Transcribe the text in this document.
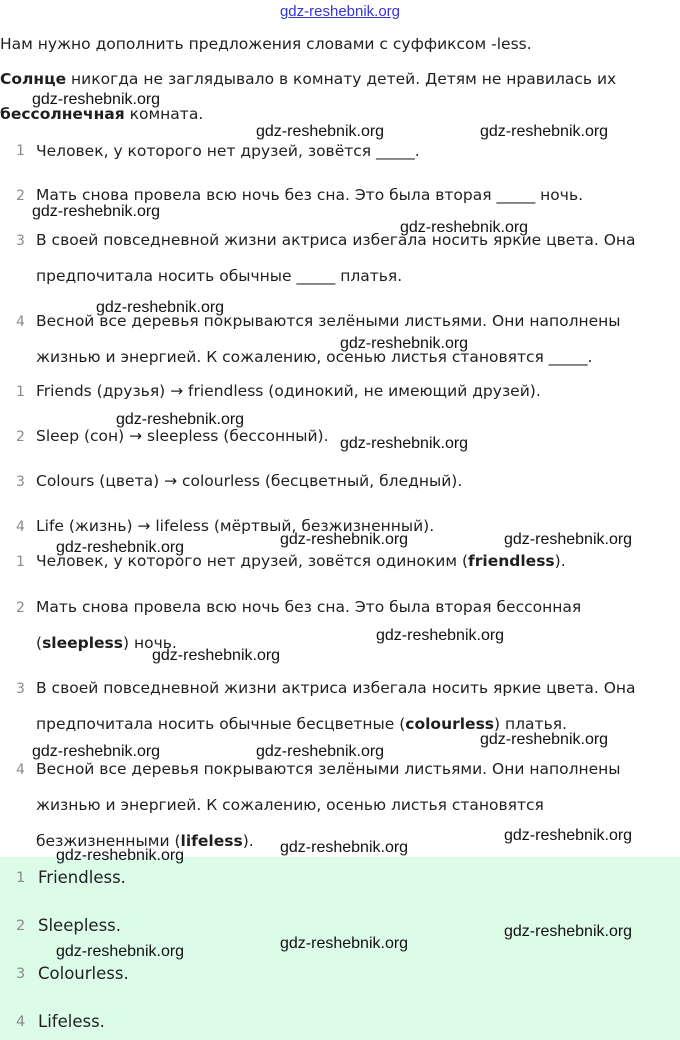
gdz-reshebnik.org
Нам нужно дополнить предложения словами с суффиксом -less.
Солнце никогда не заглядывало в комнату детей. Детям не нравилась их
бессолнечная комната.
1 Человек, у которого нет друзей, зовётся _____.
2 Мать снова провела всю ночь без сна. Это была вторая _____ ночь.
3 В своей повседневной жизни актриса избегала носить яркие цвета. Она
предпочитала носить обычные _____ платья.
4 Весной все деревья покрываются зелёными листьями. Они наполнены
жизнью и энергией. К сожалению, осенью листья становятся _____.
1 Friends (друзья) → friendless (одинокий, не имеющий друзей).
2 Sleep (сон) → sleepless (бессонный).
3 Colours (цвета) → colourless (бесцветный, бледный).
4 Life (жизнь) → lifeless (мёртвый, безжизненный).
1 Человек, у которого нет друзей, зовётся одиноким (friendless).
2 Мать снова провела всю ночь без сна. Это была вторая бессонная
(sleepless) ночь.
3 В своей повседневной жизни актриса избегала носить яркие цвета. Она
предпочитала носить обычные бесцветные (colourless) платья.
4 Весной все деревья покрываются зелёными листьями. Они наполнены
жизнью и энергией. К сожалению, осенью листья становятся
безжизненными (lifeless).
1 Friendless.
2 Sleepless.
3 Colourless.
4 Lifeless.
gdz-reshebnik.org
gdz-reshebnik.org	gdz-reshebnik.org
gdz-reshebnik.org
gdz-reshebnik.org
gdz-reshebnik.org
gdz-reshebnik.org
gdz-reshebnik.org
gdz-reshebnik.org
gdz-reshebnik.org	gdz-reshebnik.org	gdz-reshebnik.org
gdz-reshebnik.org
gdz-reshebnik.org
gdz-reshebnik.org
gdz-reshebnik.org	gdz-reshebnik.org
gdz-reshebnik.org
gdz-reshebnik.org	gdz-reshebnik.org
gdz-reshebnik.org
gdz-reshebnik.org
gdz-reshebnik.org
